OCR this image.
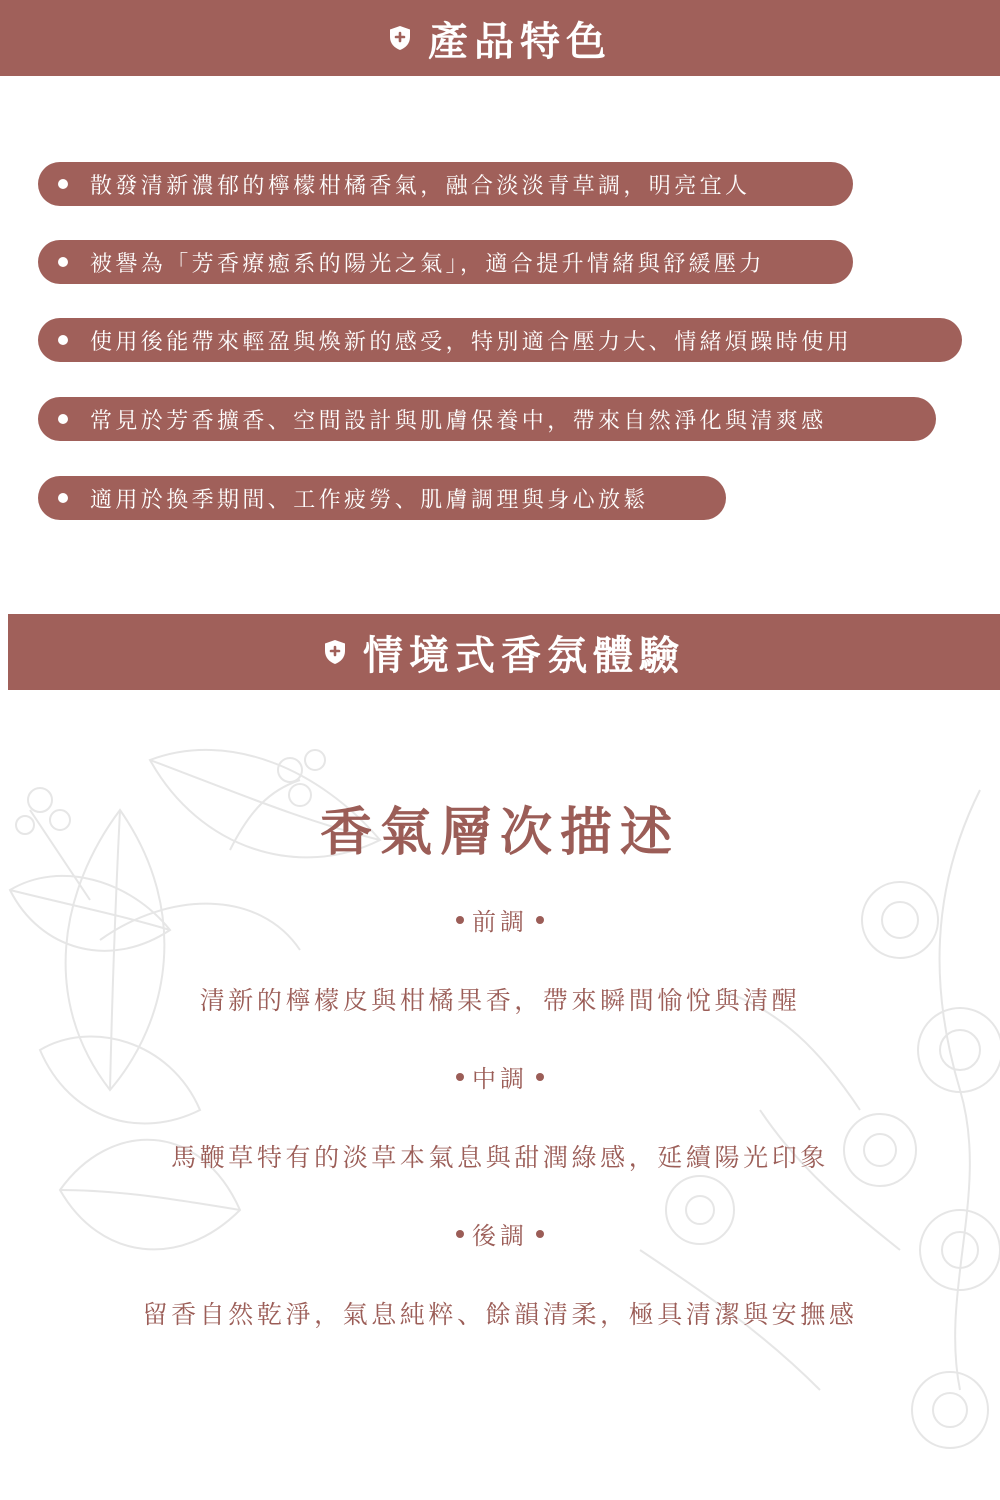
產品特色
散發清新濃郁的檸檬柑橘香氣，融合淡淡青草調，明亮宜人
被譽為「芳香療癒系的陽光之氣」，適合提升情緒與舒緩壓力
使用後能帶來輕盈與煥新的感受，特別適合壓力大、情緒煩躁時使用
常見於芳香擴香、空間設計與肌膚保養中，帶來自然淨化與清爽感
適用於換季期間、工作疲勞、肌膚調理與身心放鬆
情境式香氛體驗
香氣層次描述
前調
清新的檸檬皮與柑橘果香，帶來瞬間愉悅與清醒
中調
馬鞭草特有的淡草本氣息與甜潤綠感，延續陽光印象
後調
留香自然乾淨，氣息純粹、餘韻清柔，極具清潔與安撫感
